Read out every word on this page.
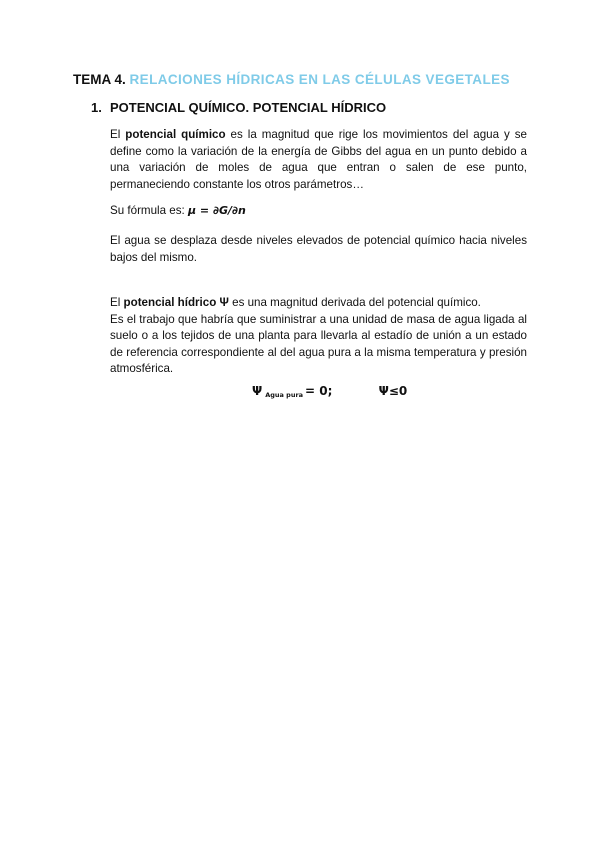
TEMA 4. RELACIONES HÍDRICAS EN LAS CÉLULAS VEGETALES
1. POTENCIAL QUÍMICO. POTENCIAL HÍDRICO
El potencial químico es la magnitud que rige los movimientos del agua y se define como la variación de la energía de Gibbs del agua en un punto debido a una variación de moles de agua que entran o salen de ese punto, permaneciendo constante los otros parámetros…
Su fórmula es: μ = ∂G/∂n
El agua se desplaza desde niveles elevados de potencial químico hacia niveles bajos del mismo.
El potencial hídrico Ψ es una magnitud derivada del potencial químico.
Es el trabajo que habría que suministrar a una unidad de masa de agua ligada al suelo o a los tejidos de una planta para llevarla al estadío de unión a un estado de referencia correspondiente al del agua pura a la misma temperatura y presión atmosférica.
Ψ $_{Agua pura}$ = 0;	Ψ≤0
